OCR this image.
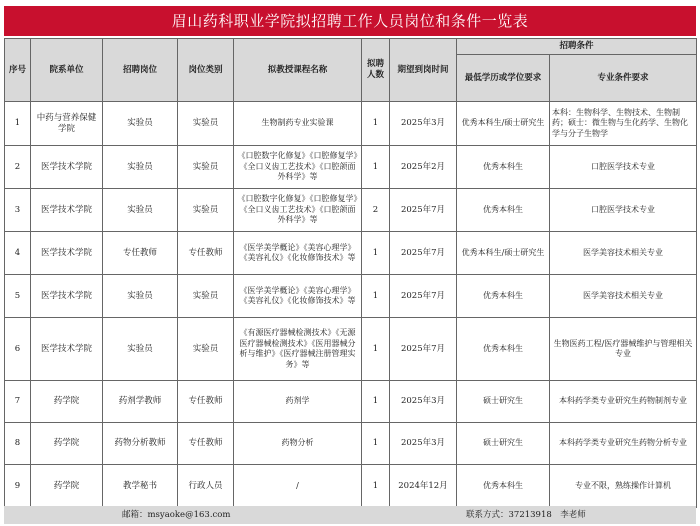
眉山药科职业学院拟招聘工作人员岗位和条件一览表
序号	院系单位	招聘岗位	岗位类别	拟教授课程名称	拟聘人数	期望到岗时间	招聘条件	
							最低学历或学位要求	专业条件要求
1	中药与营养保健学院	实验员	实验员	生物制药专业实验课	1	2025年3月	优秀本科生/硕士研究生	本科：生物科学、生物技术、生物制药；硕士：微生物与生化药学、生物化学与分子生物学
2	医学技术学院	实验员	实验员	《口腔数字化修复》《口腔修复学》《全口义齿工艺技术》《口腔颌面外科学》等	1	2025年2月	优秀本科生	口腔医学技术专业
3	医学技术学院	实验员	实验员	《口腔数字化修复》《口腔修复学》《全口义齿工艺技术》《口腔颌面外科学》等	2	2025年7月	优秀本科生	口腔医学技术专业
4	医学技术学院	专任教师	专任教师	《医学美学概论》《美容心理学》《美容礼仪》《化妆修饰技术》等	1	2025年7月	优秀本科生/硕士研究生	医学美容技术相关专业
5	医学技术学院	实验员	实验员	《医学美学概论》《美容心理学》《美容礼仪》《化妆修饰技术》等	1	2025年7月	优秀本科生	医学美容技术相关专业
6	医学技术学院	实验员	实验员	《有源医疗器械检测技术》《无源医疗器械检测技术》《医用器械分析与维护》《医疗器械注册管理实务》等	1	2025年7月	优秀本科生	生物医药工程/医疗器械维护与管理相关专业
7	药学院	药剂学教师	专任教师	药剂学	1	2025年3月	硕士研究生	本科药学类专业研究生药物制剂专业
8	药学院	药物分析教师	专任教师	药物分析	1	2025年3月	硕士研究生	本科药学类专业研究生药物分析专业
9	药学院	教学秘书	行政人员	/	1	2024年12月	优秀本科生	专业不限，熟练操作计算机
邮箱：msyaoke@163.com	联系方式：37213918　李老师
